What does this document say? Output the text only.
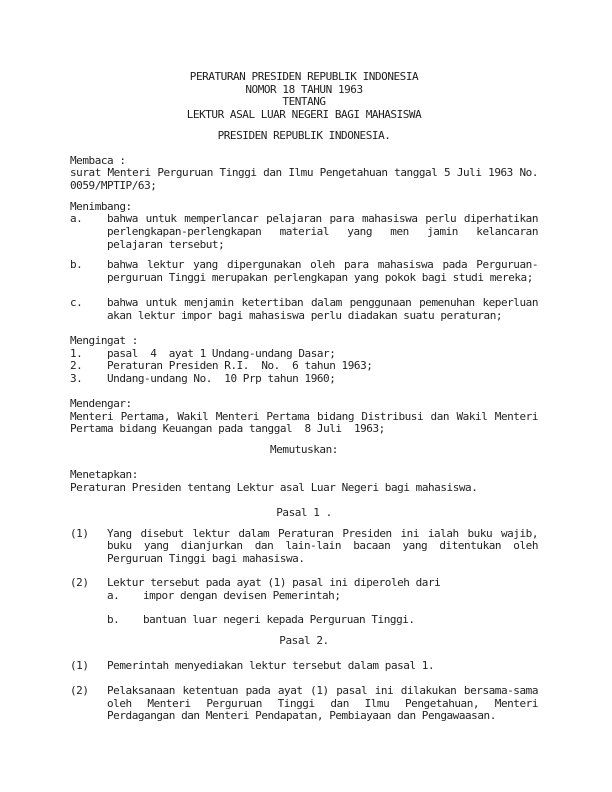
PERATURAN PRESIDEN REPUBLIK INDONESIA
NOMOR 18 TAHUN 1963
TENTANG
LEKTUR ASAL LUAR NEGERI BAGI MAHASISWA
PRESIDEN REPUBLIK INDONESIA.
Membaca :
surat Menteri Perguruan Tinggi dan Ilmu Pengetahuan tanggal 5 Juli 1963 No.
0059/MPTIP/63;
Menimbang:
a.	bahwa untuk memperlancar pelajaran para mahasiswa perlu diperhatikan
perlengkapan-perlengkapan material yang men jamin kelancaran
pelajaran tersebut;
b.	bahwa lektur yang dipergunakan oleh para mahasiswa pada Perguruan-
perguruan Tinggi merupakan perlengkapan yang pokok bagi studi mereka;
c.	bahwa untuk menjamin ketertiban dalam penggunaan pemenuhan keperluan
akan lektur impor bagi mahasiswa perlu diadakan suatu peraturan;
Mengingat :
1.	pasal  4  ayat 1 Undang-undang Dasar;
2.	Peraturan Presiden R.I.  No.  6 tahun 1963;
3.	Undang-undang No.  10 Prp tahun 1960;
Mendengar:
Menteri Pertama, Wakil Menteri Pertama bidang Distribusi dan Wakil Menteri
Pertama bidang Keuangan pada tanggal  8 Juli  1963;
Memutuskan:
Menetapkan:
Peraturan Presiden tentang Lektur asal Luar Negeri bagi mahasiswa.
Pasal 1 .
(1)	Yang disebut lektur dalam Peraturan Presiden ini ialah buku wajib,
buku yang dianjurkan dan lain-lain bacaan yang ditentukan oleh
Perguruan Tinggi bagi mahasiswa.
(2)	Lektur tersebut pada ayat (1) pasal ini diperoleh dari
a.	impor dengan devisen Pemerintah;
b.	bantuan luar negeri kepada Perguruan Tinggi.
Pasal 2.
(1)	Pemerintah menyediakan lektur tersebut dalam pasal 1.
(2)	Pelaksanaan ketentuan pada ayat (1) pasal ini dilakukan bersama-sama
oleh Menteri Perguruan Tinggi dan Ilmu Pengetahuan, Menteri
Perdagangan dan Menteri Pendapatan, Pembiayaan dan Pengawaasan.
